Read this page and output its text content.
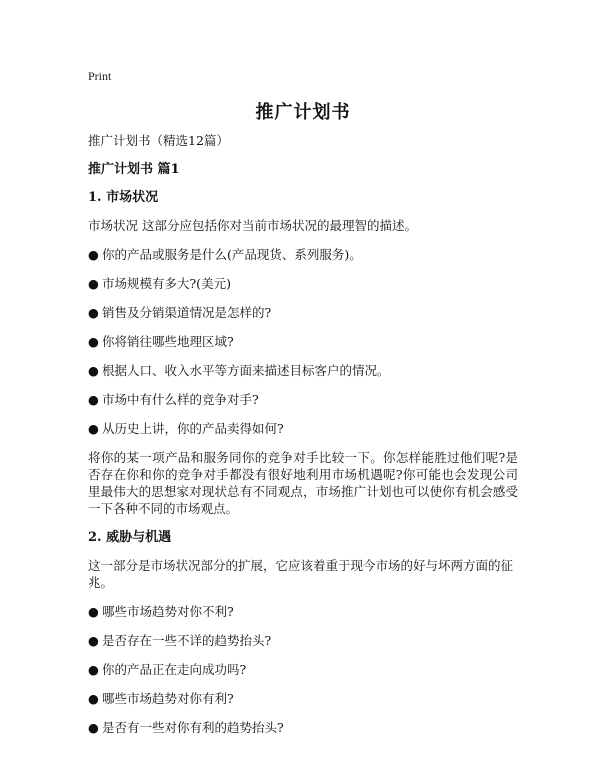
Print
推广计划书
推广计划书（精选12篇）
推广计划书 篇1
1. 市场状况
市场状况 这部分应包括你对当前市场状况的最理智的描述。
● 你的产品或服务是什么(产品现货、系列服务)。
● 市场规模有多大?(美元)
● 销售及分销渠道情况是怎样的?
● 你将销往哪些地理区域?
● 根据人口、收入水平等方面来描述目标客户的情况。
● 市场中有什么样的竞争对手?
● 从历史上讲，你的产品卖得如何?
将你的某一项产品和服务同你的竞争对手比较一下。你怎样能胜过他们呢?是否存在你和你的竞争对手都没有很好地利用市场机遇呢?你可能也会发现公司里最伟大的思想家对现状总有不同观点，市场推广计划也可以使你有机会感受一下各种不同的市场观点。
2. 威胁与机遇
这一部分是市场状况部分的扩展，它应该着重于现今市场的好与坏两方面的征兆。
● 哪些市场趋势对你不利?
● 是否存在一些不详的趋势抬头?
● 你的产品正在走向成功吗?
● 哪些市场趋势对你有利?
● 是否有一些对你有利的趋势抬头?
